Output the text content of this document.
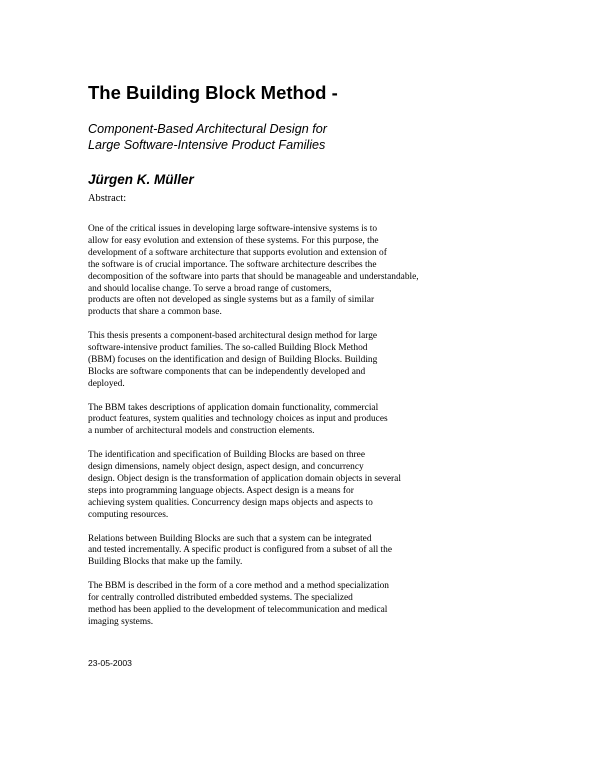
The Building Block Method -
Component-Based Architectural Design for
Large Software-Intensive Product Families
Jürgen K. Müller
Abstract:
One of the critical issues in developing large software-intensive systems is to
allow for easy evolution and extension of these systems. For this purpose, the
development of a software architecture that supports evolution and extension of
the software is of crucial importance. The software architecture describes the
decomposition of the software into parts that should be manageable and understandable,
and should localise change. To serve a broad range of customers,
products are often not developed as single systems but as a family of similar
products that share a common base.
This thesis presents a component-based architectural design method for large
software-intensive product families. The so-called Building Block Method
(BBM) focuses on the identification and design of Building Blocks. Building
Blocks are software components that can be independently developed and
deployed.
The BBM takes descriptions of application domain functionality, commercial
product features, system qualities and technology choices as input and produces
a number of architectural models and construction elements.
The identification and specification of Building Blocks are based on three
design dimensions, namely object design, aspect design, and concurrency
design. Object design is the transformation of application domain objects in several
steps into programming language objects. Aspect design is a means for
achieving system qualities. Concurrency design maps objects and aspects to
computing resources.
Relations between Building Blocks are such that a system can be integrated
and tested incrementally. A specific product is configured from a subset of all the
Building Blocks that make up the family.
The BBM is described in the form of a core method and a method specialization
for centrally controlled distributed embedded systems. The specialized
method has been applied to the development of telecommunication and medical
imaging systems.
23-05-2003
